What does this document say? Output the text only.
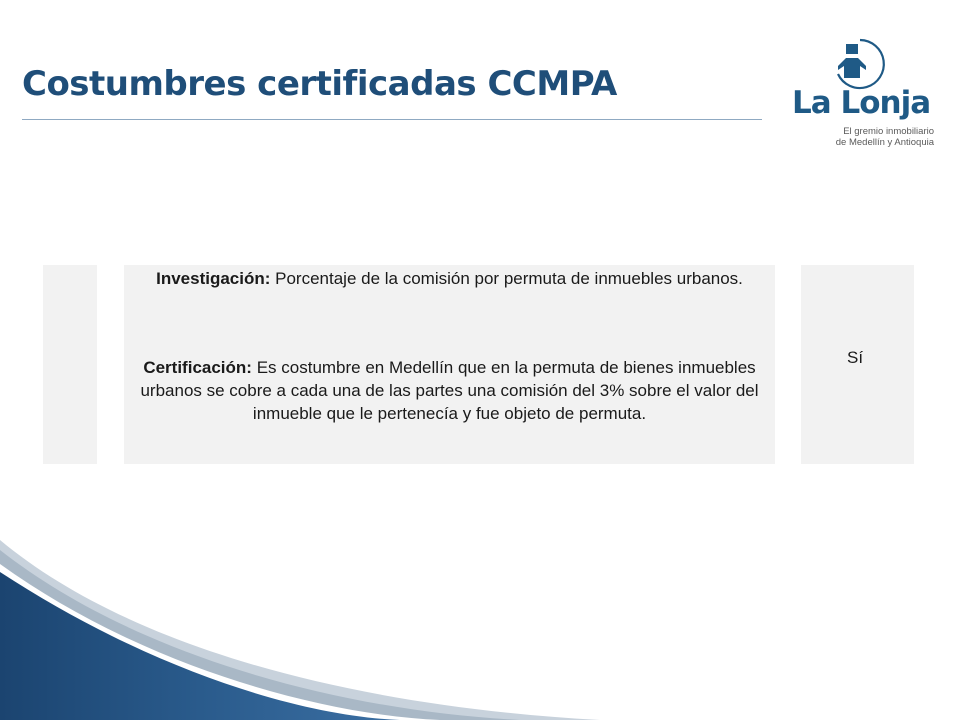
Costumbres certificadas CCMPA	La Lonja
El gremio inmobiliario
de Medellín y Antioquia

Investigación: Porcentaje de la comisión por permuta de inmuebles urbanos.

Certificación: Es costumbre en Medellín que en la permuta de bienes inmuebles urbanos se cobre a cada una de las partes una comisión del 3% sobre el valor del inmueble que le pertenecía y fue objeto de permuta.

Sí
